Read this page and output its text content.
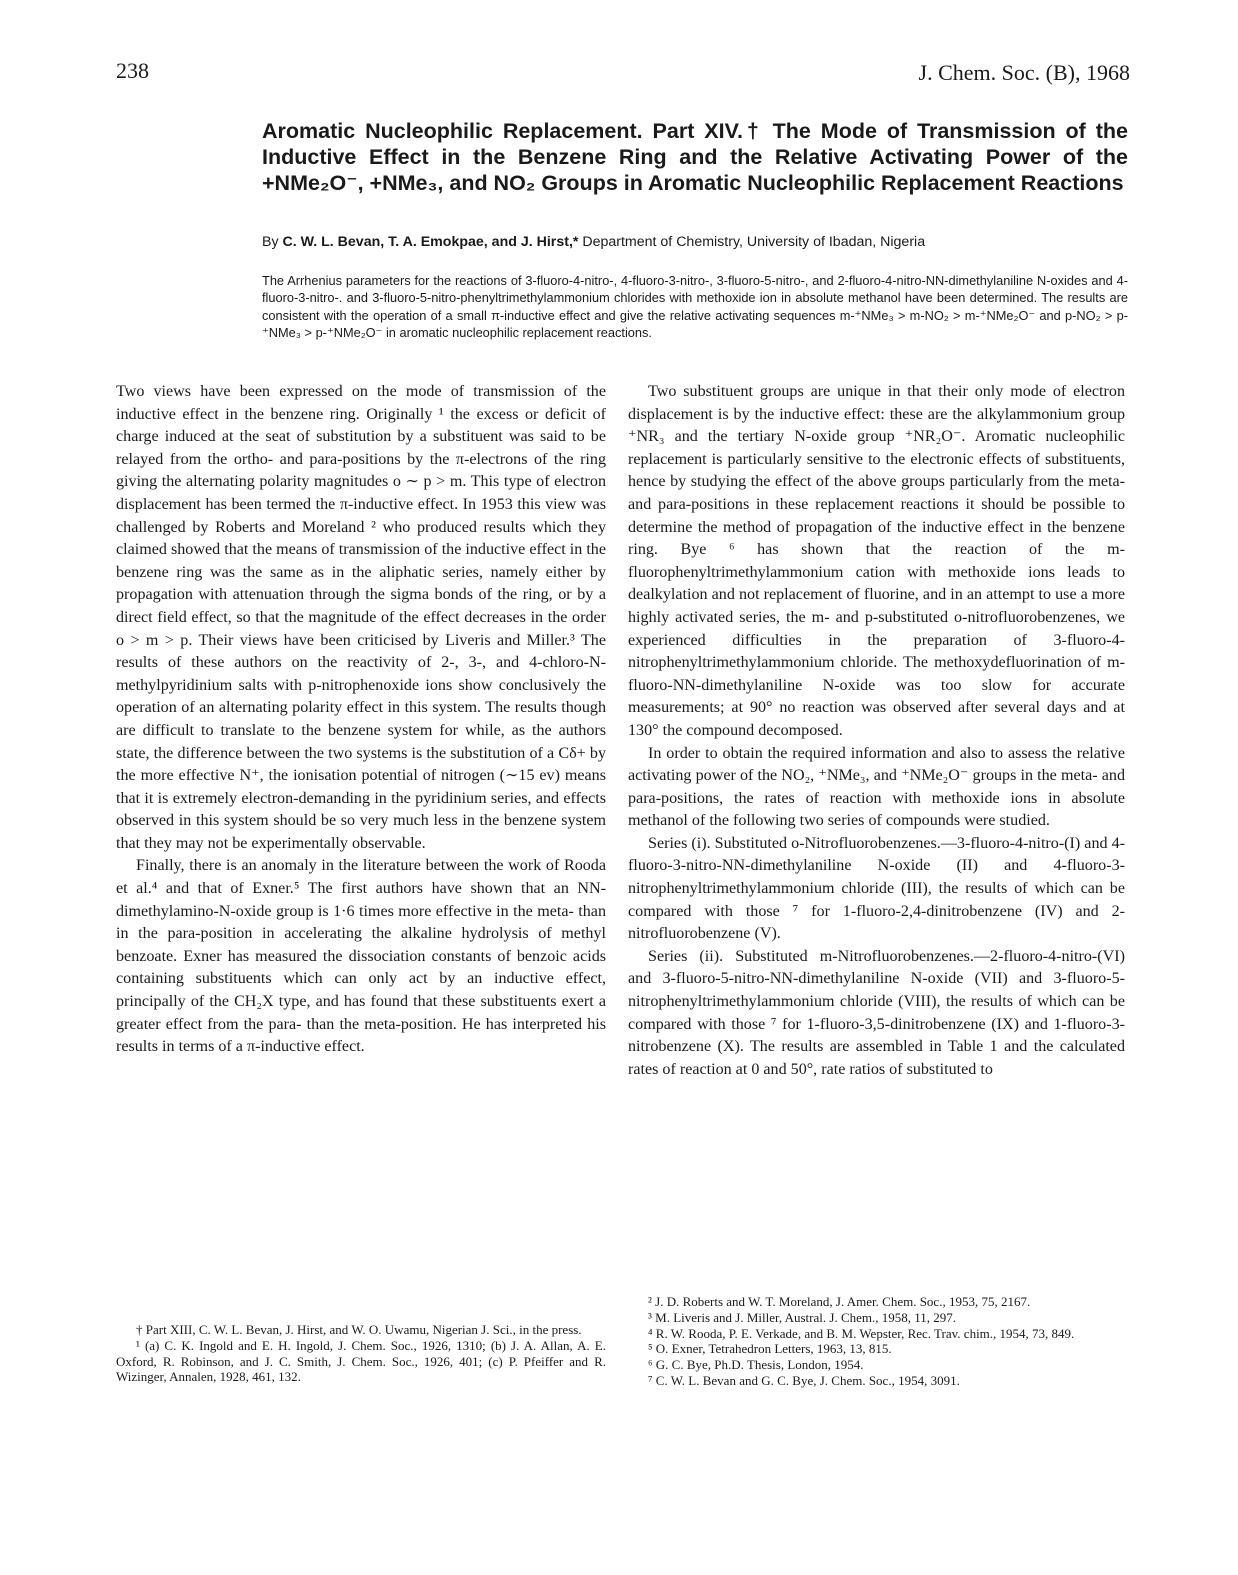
238	J. Chem. Soc. (B), 1968
Aromatic Nucleophilic Replacement. Part XIV.† The Mode of Transmission of the Inductive Effect in the Benzene Ring and the Relative Activating Power of the +NMe₂O⁻, +NMe₃, and NO₂ Groups in Aromatic Nucleophilic Replacement Reactions
By C. W. L. Bevan, T. A. Emokpae, and J. Hirst,* Department of Chemistry, University of Ibadan, Nigeria

The Arrhenius parameters for the reactions of 3-fluoro-4-nitro-, 4-fluoro-3-nitro-, 3-fluoro-5-nitro-, and 2-fluoro-4-nitro-NN-dimethylaniline N-oxides and 4-fluoro-3-nitro-. and 3-fluoro-5-nitro-phenyltrimethylammonium chlorides with methoxide ion in absolute methanol have been determined. The results are consistent with the operation of a small π-inductive effect and give the relative activating sequences m-⁺NMe₃ > m-NO₂ > m-⁺NMe₂O⁻ and p-NO₂ > p-⁺NMe₃ > p-⁺NMe₂O⁻ in aromatic nucleophilic replacement reactions.

Two views have been expressed on the mode of transmission of the inductive effect in the benzene ring. Originally ¹ the excess or deficit of charge induced at the seat of substitution by a substituent was said to be relayed from the ortho- and para-positions by the π-electrons of the ring giving the alternating polarity magnitudes o ∼ p > m. This type of electron displacement has been termed the π-inductive effect. In 1953 this view was challenged by Roberts and Moreland ² who produced results which they claimed showed that the means of transmission of the inductive effect in the benzene ring was the same as in the aliphatic series, namely either by propagation with attenuation through the sigma bonds of the ring, or by a direct field effect, so that the magnitude of the effect decreases in the order o > m > p. Their views have been criticised by Liveris and Miller.³ The results of these authors on the reactivity of 2-, 3-, and 4-chloro-N-methylpyridinium salts with p-nitrophenoxide ions show conclusively the operation of an alternating polarity effect in this system. The results though are difficult to translate to the benzene system for while, as the authors state, the difference between the two systems is the substitution of a Cδ+ by the more effective N⁺, the ionisation potential of nitrogen (∼15 ev) means that it is extremely electron-demanding in the pyridinium series, and effects observed in this system should be so very much less in the benzene system that they may not be experimentally observable.

Finally, there is an anomaly in the literature between the work of Rooda et al.⁴ and that of Exner.⁵ The first authors have shown that an NN-dimethylamino-N-oxide group is 1·6 times more effective in the meta- than in the para-position in accelerating the alkaline hydrolysis of methyl benzoate. Exner has measured the dissociation constants of benzoic acids containing substituents which can only act by an inductive effect, principally of the CH₂X type, and has found that these substituents exert a greater effect from the para- than the meta-position. He has interpreted his results in terms of a π-inductive effect.

Two substituent groups are unique in that their only mode of electron displacement is by the inductive effect: these are the alkylammonium group ⁺NR₃ and the tertiary N-oxide group ⁺NR₂O⁻. Aromatic nucleophilic replacement is particularly sensitive to the electronic effects of substituents, hence by studying the effect of the above groups particularly from the meta- and para-positions in these replacement reactions it should be possible to determine the method of propagation of the inductive effect in the benzene ring. Bye ⁶ has shown that the reaction of the m-fluorophenyltrimethylammonium cation with methoxide ions leads to dealkylation and not replacement of fluorine, and in an attempt to use a more highly activated series, the m- and p-substituted o-nitrofluorobenzenes, we experienced difficulties in the preparation of 3-fluoro-4-nitrophenyltrimethylammonium chloride. The methoxydefluorination of m-fluoro-NN-dimethylaniline N-oxide was too slow for accurate measurements; at 90° no reaction was observed after several days and at 130° the compound decomposed.

In order to obtain the required information and also to assess the relative activating power of the NO₂, ⁺NMe₃, and ⁺NMe₂O⁻ groups in the meta- and para-positions, the rates of reaction with methoxide ions in absolute methanol of the following two series of compounds were studied.

Series (i). Substituted o-Nitrofluorobenzenes.—3-fluoro-4-nitro-(I) and 4-fluoro-3-nitro-NN-dimethylaniline N-oxide (II) and 4-fluoro-3-nitrophenyltrimethylammonium chloride (III), the results of which can be compared with those ⁷ for 1-fluoro-2,4-dinitrobenzene (IV) and 2-nitrofluorobenzene (V).

Series (ii). Substituted m-Nitrofluorobenzenes.—2-fluoro-4-nitro-(VI) and 3-fluoro-5-nitro-NN-dimethylaniline N-oxide (VII) and 3-fluoro-5-nitrophenyltrimethylammonium chloride (VIII), the results of which can be compared with those ⁷ for 1-fluoro-3,5-dinitrobenzene (IX) and 1-fluoro-3-nitrobenzene (X). The results are assembled in Table 1 and the calculated rates of reaction at 0 and 50°, rate ratios of substituted to

† Part XIII, C. W. L. Bevan, J. Hirst, and W. O. Uwamu, Nigerian J. Sci., in the press.

¹ (a) C. K. Ingold and E. H. Ingold, J. Chem. Soc., 1926, 1310; (b) J. A. Allan, A. E. Oxford, R. Robinson, and J. C. Smith, J. Chem. Soc., 1926, 401; (c) P. Pfeiffer and R. Wizinger, Annalen, 1928, 461, 132.

² J. D. Roberts and W. T. Moreland, J. Amer. Chem. Soc., 1953, 75, 2167.

³ M. Liveris and J. Miller, Austral. J. Chem., 1958, 11, 297.

⁴ R. W. Rooda, P. E. Verkade, and B. M. Wepster, Rec. Trav. chim., 1954, 73, 849.

⁵ O. Exner, Tetrahedron Letters, 1963, 13, 815.

⁶ G. C. Bye, Ph.D. Thesis, London, 1954.

⁷ C. W. L. Bevan and G. C. Bye, J. Chem. Soc., 1954, 3091.
